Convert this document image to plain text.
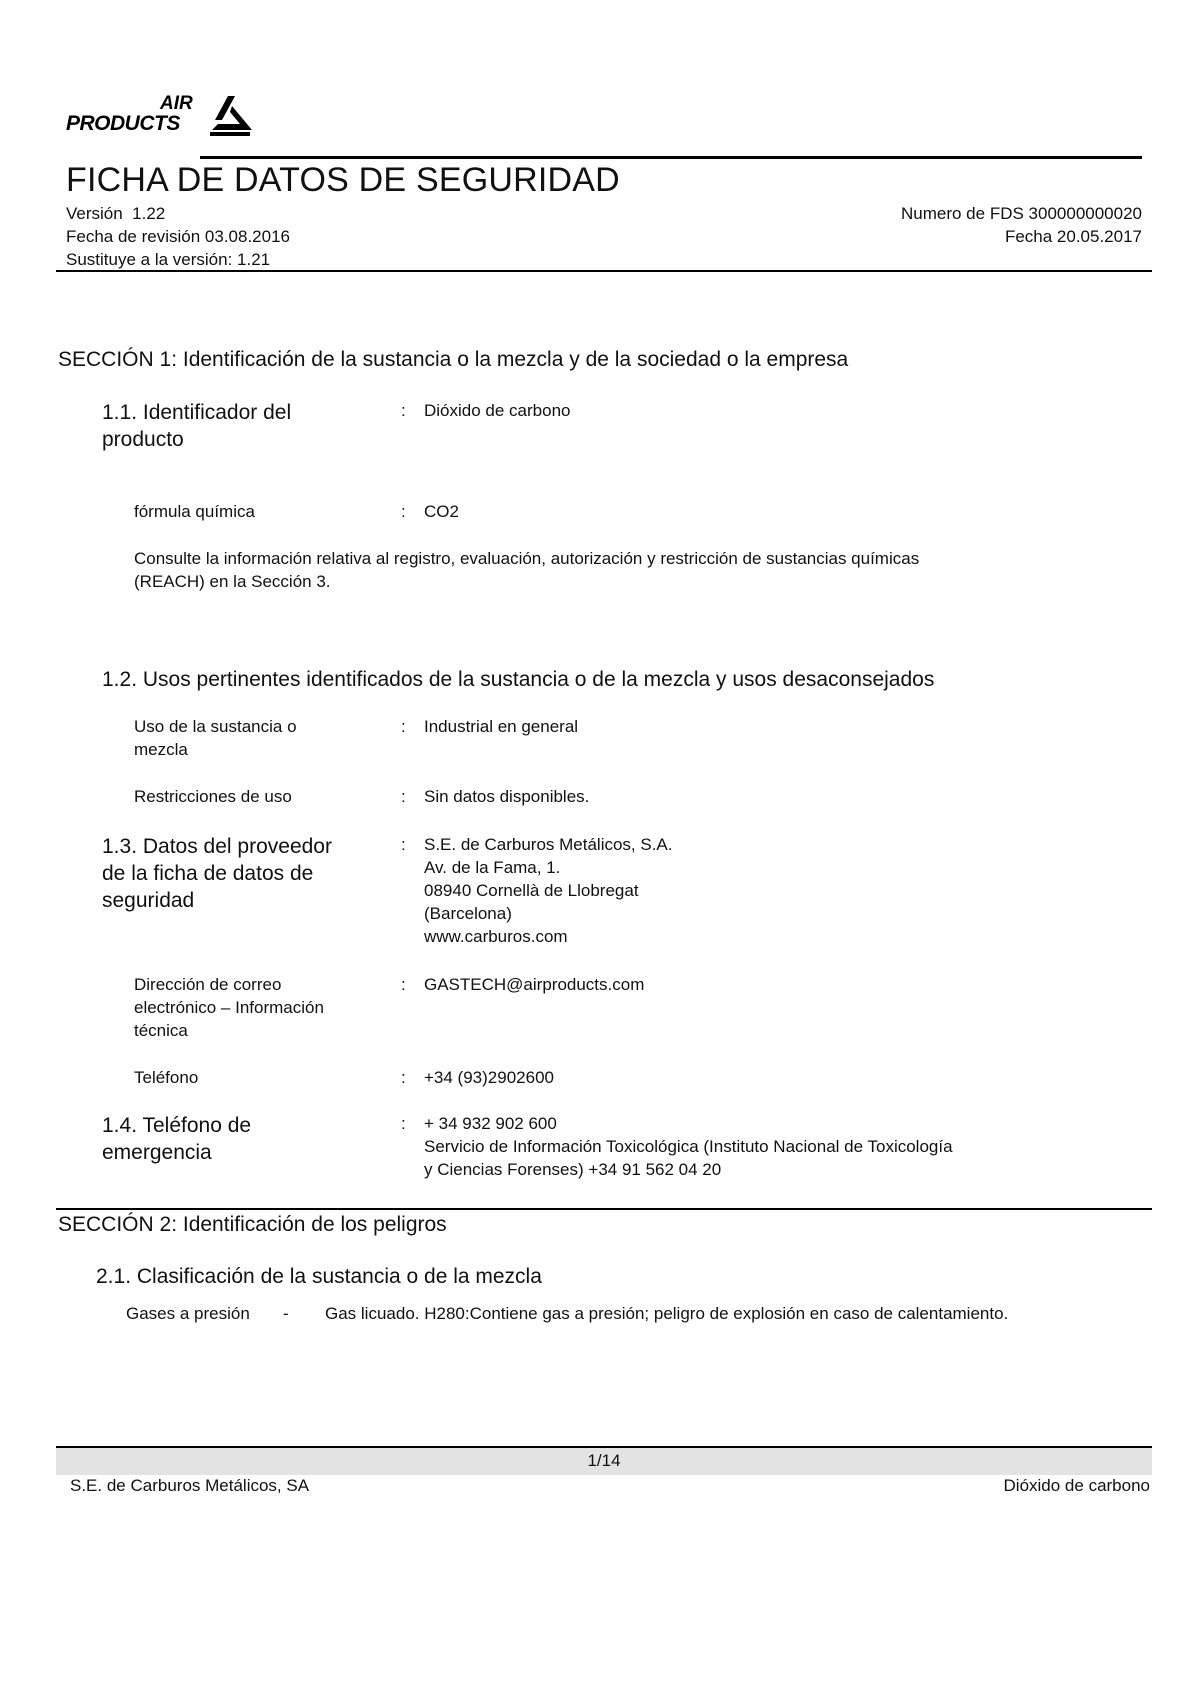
AIR
PRODUCTS
FICHA DE DATOS DE SEGURIDAD
Versión  1.22
Fecha de revisión 03.08.2016
Sustituye a la versión: 1.21
Numero de FDS 300000000020
Fecha 20.05.2017
SECCIÓN 1: Identificación de la sustancia o la mezcla y de la sociedad o la empresa
1.1. Identificador del
producto
: Dióxido de carbono
fórmula química	: CO2
Consulte la información relativa al registro, evaluación, autorización y restricción de sustancias químicas
(REACH) en la Sección 3.
1.2. Usos pertinentes identificados de la sustancia o de la mezcla y usos desaconsejados
Uso de la sustancia o
mezcla
: Industrial en general
Restricciones de uso	: Sin datos disponibles.
1.3. Datos del proveedor
de la ficha de datos de
seguridad
: S.E. de Carburos Metálicos, S.A.
Av. de la Fama, 1.
08940 Cornellà de Llobregat
(Barcelona)
www.carburos.com
Dirección de correo
electrónico – Información
técnica
: GASTECH@airproducts.com
Teléfono	: +34 (93)2902600
1.4. Teléfono de
emergencia
: + 34 932 902 600
Servicio de Información Toxicológica (Instituto Nacional de Toxicología
y Ciencias Forenses) +34 91 562 04 20
SECCIÓN 2: Identificación de los peligros
2.1. Clasificación de la sustancia o de la mezcla
Gases a presión - Gas licuado. H280:Contiene gas a presión; peligro de explosión en caso de calentamiento.
1/14
S.E. de Carburos Metálicos, SA	Dióxido de carbono
